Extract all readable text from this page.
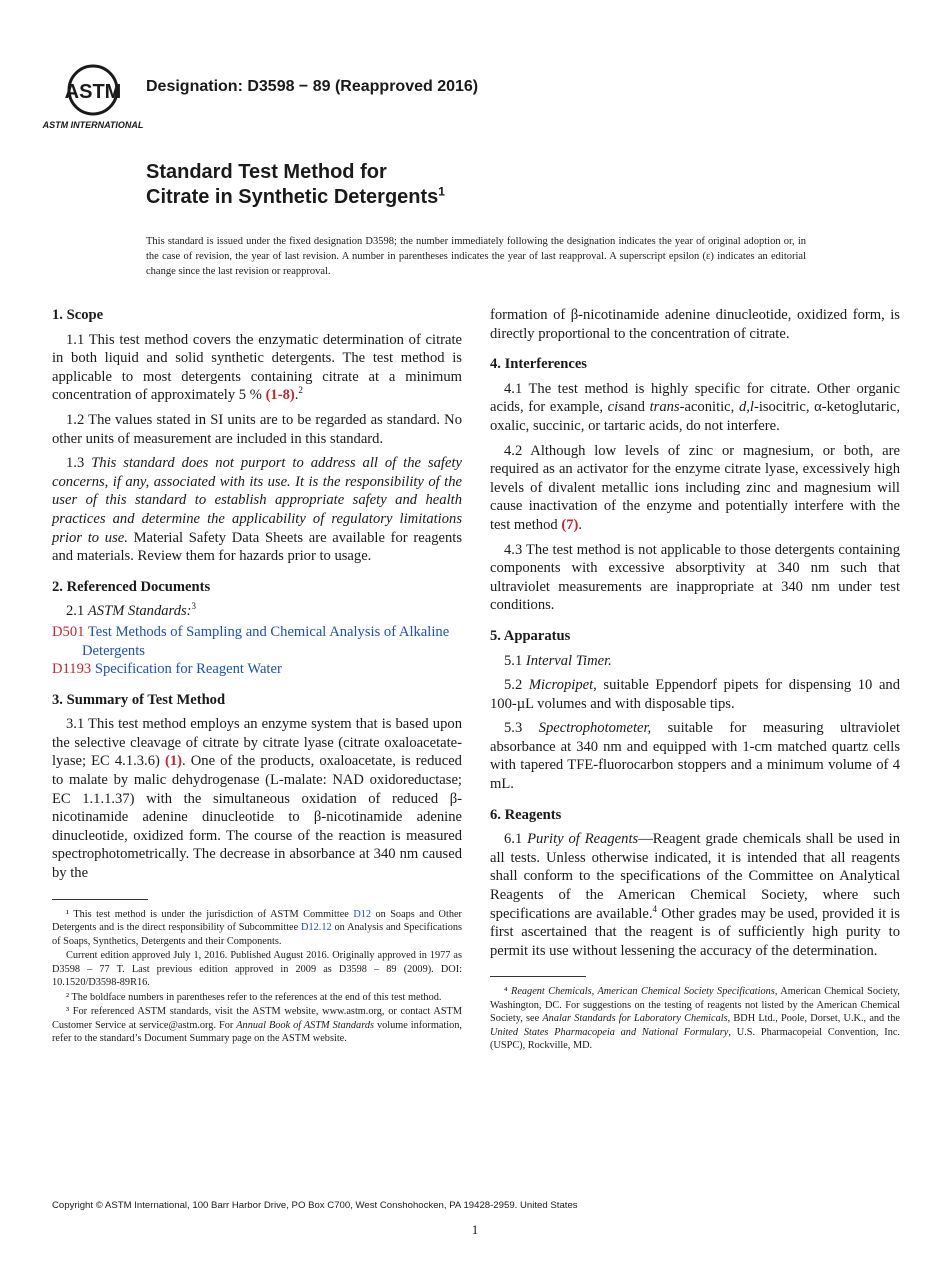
ASTM
ASTM INTERNATIONAL
Designation: D3598 − 89 (Reapproved 2016)
Standard Test Method for
Citrate in Synthetic Detergents$^1$
This standard is issued under the fixed designation D3598; the number immediately following the designation indicates the year of original adoption or, in the case of revision, the year of last revision. A number in parentheses indicates the year of last reapproval. A superscript epsilon (ε) indicates an editorial change since the last revision or reapproval.
1. Scope

1.1 This test method covers the enzymatic determination of citrate in both liquid and solid synthetic detergents. The test method is applicable to most detergents containing citrate at a minimum concentration of approximately 5 % (1-8).$^2$

1.2 The values stated in SI units are to be regarded as standard. No other units of measurement are included in this standard.

1.3 This standard does not purport to address all of the safety concerns, if any, associated with its use. It is the responsibility of the user of this standard to establish appropriate safety and health practices and determine the applicability of regulatory limitations prior to use. Material Safety Data Sheets are available for reagents and materials. Review them for hazards prior to usage.

2. Referenced Documents

2.1 ASTM Standards:$^3$

D501 Test Methods of Sampling and Chemical Analysis of Alkaline Detergents

D1193 Specification for Reagent Water

3. Summary of Test Method

3.1 This test method employs an enzyme system that is based upon the selective cleavage of citrate by citrate lyase (citrate oxaloacetate-lyase; EC 4.1.3.6) (1). One of the products, oxaloacetate, is reduced to malate by malic dehydrogenase (L-malate: NAD oxidoreductase; EC 1.1.1.37) with the simultaneous oxidation of reduced β-nicotinamide adenine dinucleotide to β-nicotinamide adenine dinucleotide, oxidized form. The course of the reaction is measured spectrophotometrically. The decrease in absorbance at 340 nm caused by the

¹ This test method is under the jurisdiction of ASTM Committee D12 on Soaps and Other Detergents and is the direct responsibility of Subcommittee D12.12 on Analysis and Specifications of Soaps, Synthetics, Detergents and their Components.

Current edition approved July 1, 2016. Published August 2016. Originally approved in 1977 as D3598 – 77 T. Last previous edition approved in 2009 as D3598 – 89 (2009). DOI: 10.1520/D3598-89R16.

² The boldface numbers in parentheses refer to the references at the end of this test method.

³ For referenced ASTM standards, visit the ASTM website, www.astm.org, or contact ASTM Customer Service at service@astm.org. For Annual Book of ASTM Standards volume information, refer to the standard’s Document Summary page on the ASTM website.

formation of β-nicotinamide adenine dinucleotide, oxidized form, is directly proportional to the concentration of citrate.

4. Interferences

4.1 The test method is highly specific for citrate. Other organic acids, for example, cisand trans-aconitic, d,l-isocitric, α-ketoglutaric, oxalic, succinic, or tartaric acids, do not interfere.

4.2 Although low levels of zinc or magnesium, or both, are required as an activator for the enzyme citrate lyase, excessively high levels of divalent metallic ions including zinc and magnesium will cause inactivation of the enzyme and potentially interfere with the test method (7).

4.3 The test method is not applicable to those detergents containing components with excessive absorptivity at 340 nm such that ultraviolet measurements are inappropriate at 340 nm under test conditions.

5. Apparatus

5.1 Interval Timer.

5.2 Micropipet, suitable Eppendorf pipets for dispensing 10 and 100-µL volumes and with disposable tips.

5.3 Spectrophotometer, suitable for measuring ultraviolet absorbance at 340 nm and equipped with 1-cm matched quartz cells with tapered TFE-fluorocarbon stoppers and a minimum volume of 4 mL.

6. Reagents

6.1 Purity of Reagents—Reagent grade chemicals shall be used in all tests. Unless otherwise indicated, it is intended that all reagents shall conform to the specifications of the Committee on Analytical Reagents of the American Chemical Society, where such specifications are available.$^4$ Other grades may be used, provided it is first ascertained that the reagent is of sufficiently high purity to permit its use without lessening the accuracy of the determination.

⁴ Reagent Chemicals, American Chemical Society Specifications, American Chemical Society, Washington, DC. For suggestions on the testing of reagents not listed by the American Chemical Society, see Analar Standards for Laboratory Chemicals, BDH Ltd., Poole, Dorset, U.K., and the United States Pharmacopeia and National Formulary, U.S. Pharmacopeial Convention, Inc. (USPC), Rockville, MD.

Copyright © ASTM International, 100 Barr Harbor Drive, PO Box C700, West Conshohocken, PA 19428-2959. United States
1
